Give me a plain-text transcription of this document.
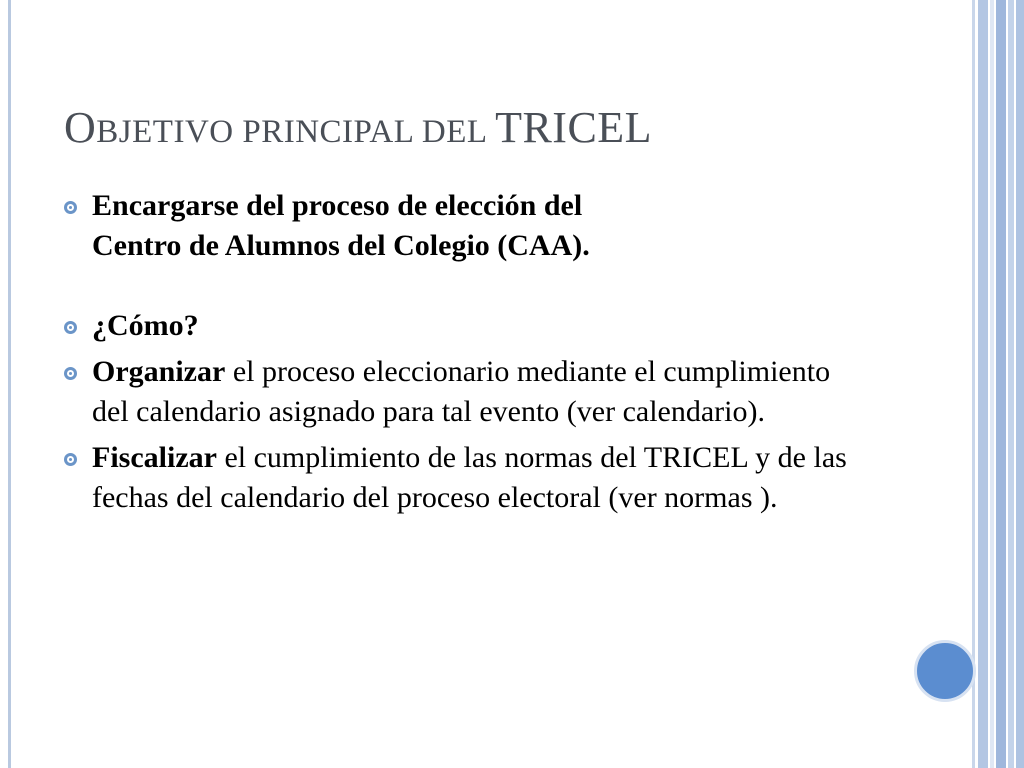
OBJETIVO PRINCIPAL DEL TRICEL
Encargarse del proceso de elección del
Centro de Alumnos del Colegio (CAA).
¿Cómo?
Organizar el proceso eleccionario mediante el cumplimiento del calendario asignado para tal evento (ver calendario).
Fiscalizar el cumplimiento de las normas del TRICEL y de las fechas del calendario del proceso electoral (ver normas ).
